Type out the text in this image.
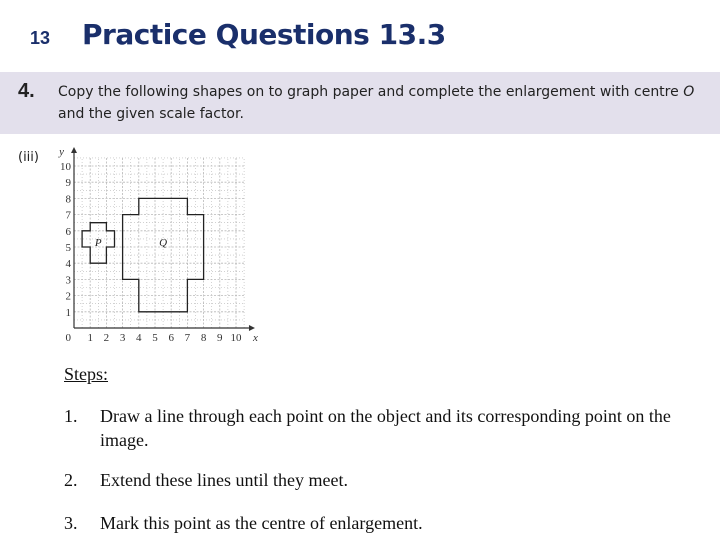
13 Practice Questions 13.3
4. Copy the following shapes on to graph paper and complete the enlargement with centre O and the given scale factor.
(iii)
1 2 3 4 5 6 7 8 9 10
1
2
3
4
5
6
7
8
9
10
0	x
y
P	Q
Steps:
1.	Draw a line through each point on the object and its corresponding point on the image.
2.	Extend these lines until they meet.
3.	Mark this point as the centre of enlargement.
